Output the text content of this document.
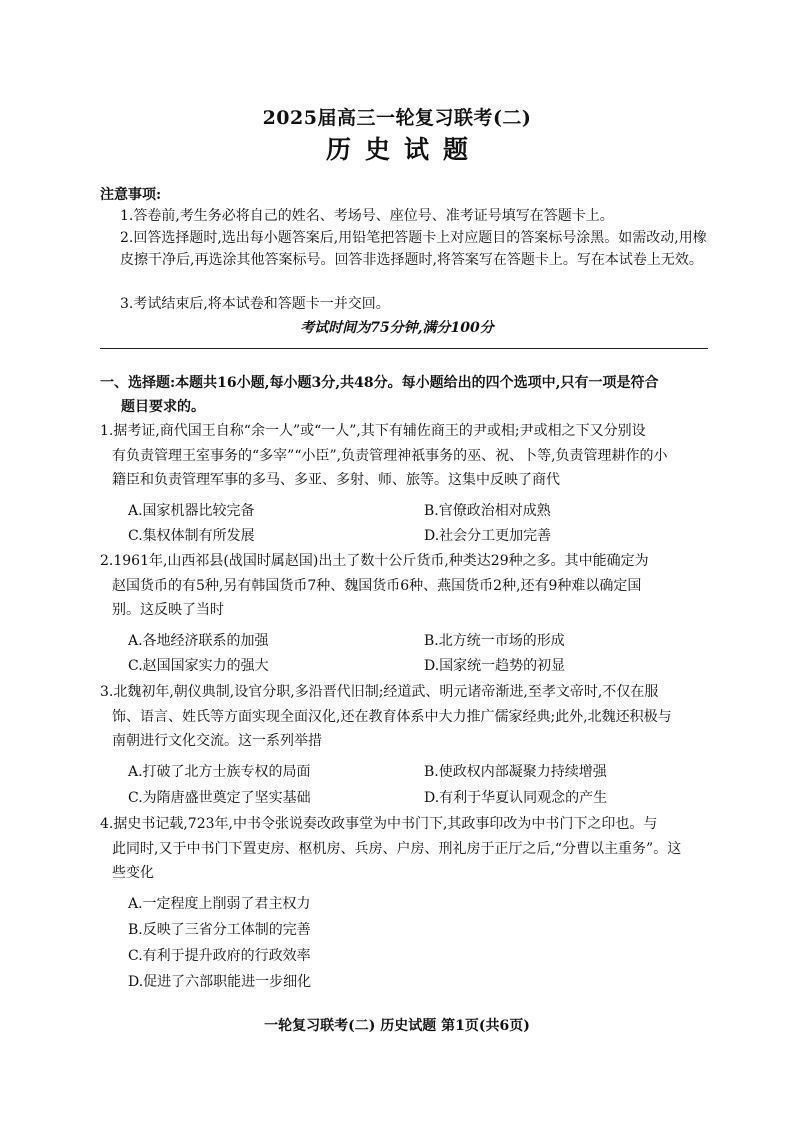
2025届高三一轮复习联考(二)
历史试题
注意事项:
1.答卷前,考生务必将自己的姓名、考场号、座位号、准考证号填写在答题卡上。
2.回答选择题时,选出每小题答案后,用铅笔把答题卡上对应题目的答案标号涂黑。如需改动,用橡皮擦干净后,再选涂其他答案标号。回答非选择题时,将答案写在答题卡上。写在本试卷上无效。
3.考试结束后,将本试卷和答题卡一并交回。
考试时间为75分钟,满分100分
一、选择题:本题共16小题,每小题3分,共48分。每小题给出的四个选项中,只有一项是符合
题目要求的。
1.据考证,商代国王自称“余一人”或“一人”,其下有辅佐商王的尹或相;尹或相之下又分别设
有负责管理王室事务的“多宰”“小臣”,负责管理神祇事务的巫、祝、卜等,负责管理耕作的小
籍臣和负责管理军事的多马、多亚、多射、师、旅等。这集中反映了商代
A.国家机器比较完备	B.官僚政治相对成熟
C.集权体制有所发展	D.社会分工更加完善
2.1961年,山西祁县(战国时属赵国)出土了数十公斤货币,种类达29种之多。其中能确定为
赵国货币的有5种,另有韩国货币7种、魏国货币6种、燕国货币2种,还有9种难以确定国
别。这反映了当时
A.各地经济联系的加强	B.北方统一市场的形成
C.赵国国家实力的强大	D.国家统一趋势的初显
3.北魏初年,朝仪典制,设官分职,多沿晋代旧制;经道武、明元诸帝渐进,至孝文帝时,不仅在服
饰、语言、姓氏等方面实现全面汉化,还在教育体系中大力推广儒家经典;此外,北魏还积极与
南朝进行文化交流。这一系列举措
A.打破了北方士族专权的局面	B.使政权内部凝聚力持续增强
C.为隋唐盛世奠定了坚实基础	D.有利于华夏认同观念的产生
4.据史书记载,723年,中书令张说奏改政事堂为中书门下,其政事印改为中书门下之印也。与
此同时,又于中书门下置吏房、枢机房、兵房、户房、刑礼房于正厅之后,“分曹以主重务”。这
些变化
A.一定程度上削弱了君主权力
B.反映了三省分工体制的完善
C.有利于提升政府的行政效率
D.促进了六部职能进一步细化
一轮复习联考(二) 历史试题 第1页(共6页)
